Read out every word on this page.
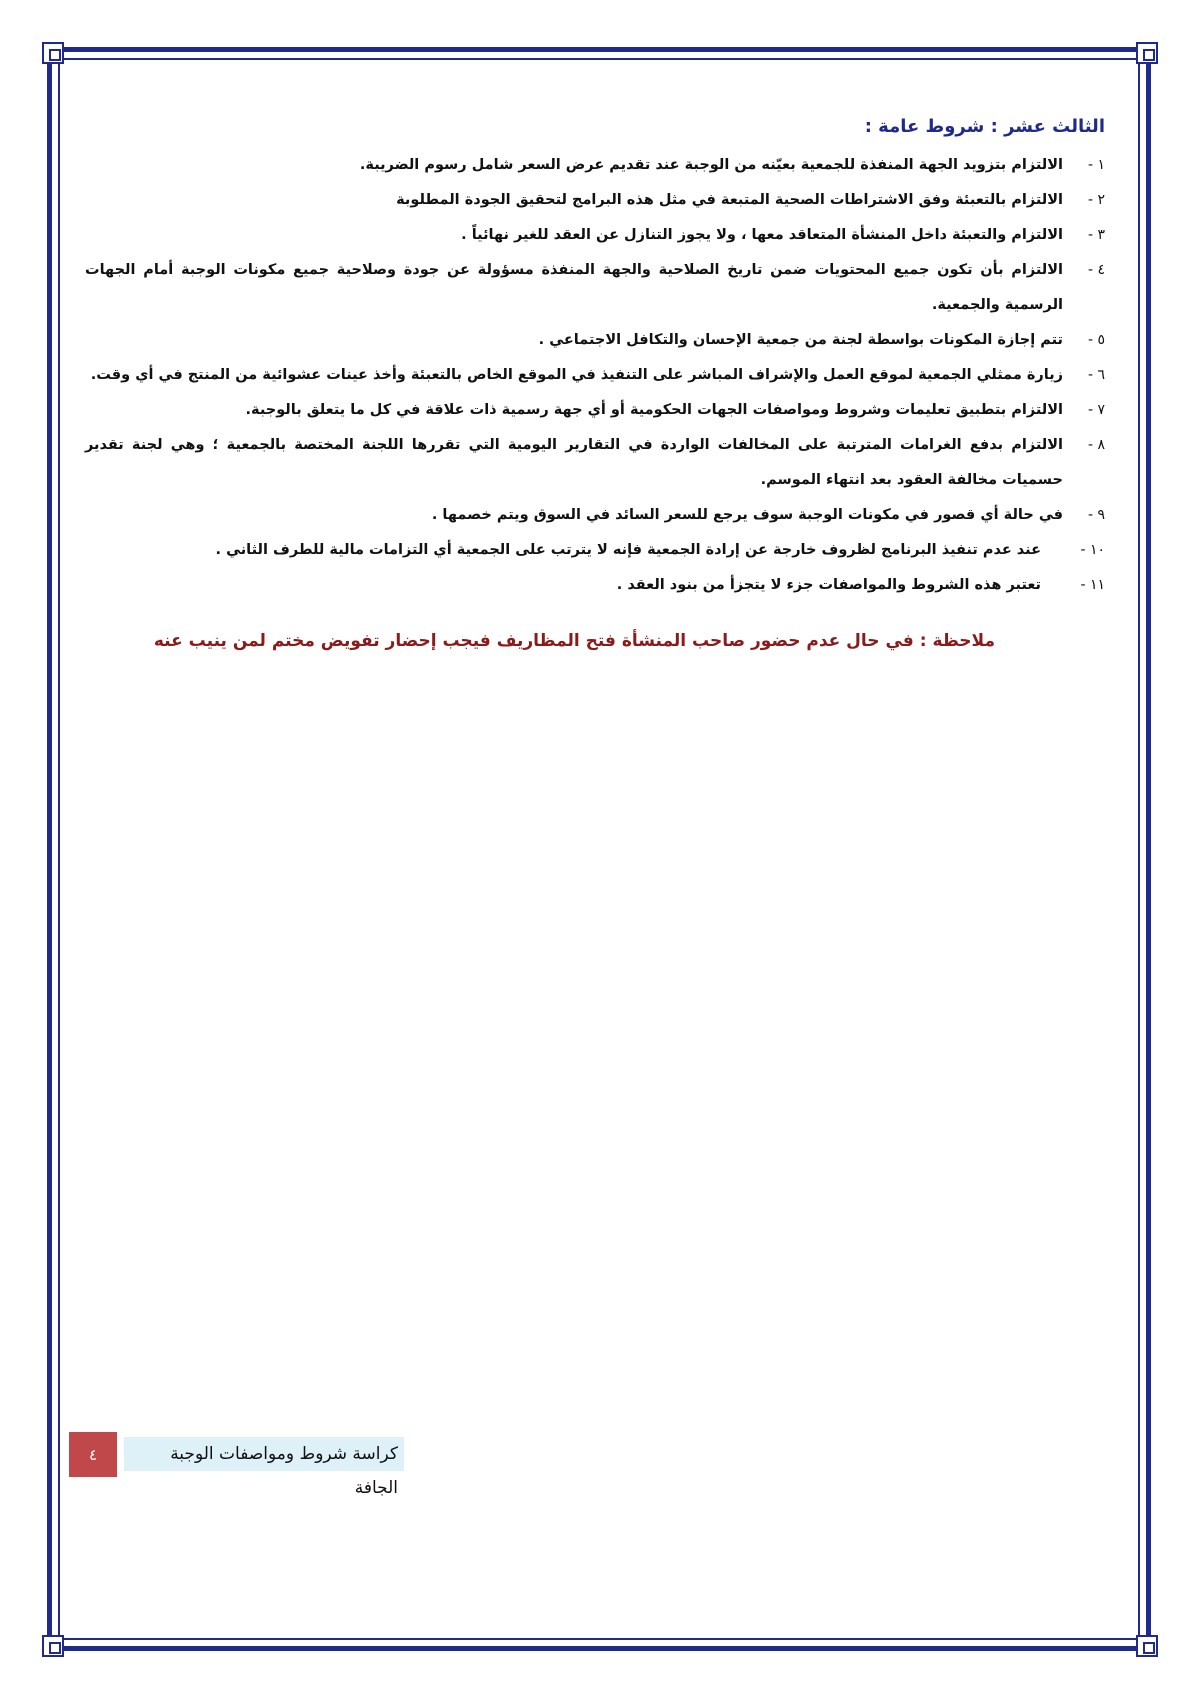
الثالث عشر : شروط عامة :
١ -
الالتزام بتزويد الجهة المنفذة للجمعية بعيّنه من الوجبة عند تقديم عرض السعر شامل رسوم الضريبة.
٢ -
الالتزام بالتعبئة وفق الاشتراطات الصحية المتبعة في مثل هذه البرامج لتحقيق الجودة المطلوبة
٣ -
الالتزام والتعبئة داخل المنشأة المتعاقد معها ، ولا يجوز التنازل عن العقد للغير نهائياً .
٤ -
الالتزام بأن تكون جميع المحتويات ضمن تاريخ الصلاحية والجهة المنفذة مسؤولة عن جودة وصلاحية جميع مكونات الوجبة أمام الجهات الرسمية والجمعية.
٥ -
تتم إجازة المكونات بواسطة لجنة من جمعية الإحسان والتكافل الاجتماعي .
٦ -
زيارة ممثلي الجمعية لموقع العمل والإشراف المباشر على التنفيذ في الموقع الخاص بالتعبئة وأخذ عينات عشوائية من المنتج في أي وقت.
٧ -
الالتزام بتطبيق تعليمات وشروط ومواصفات الجهات الحكومية أو أي جهة رسمية ذات علاقة في كل ما يتعلق بالوجبة.
٨ -
الالتزام بدفع الغرامات المترتبة على المخالفات الواردة في التقارير اليومية التي تقررها اللجنة المختصة بالجمعية ؛ وهي لجنة تقدير حسميات مخالفة العقود بعد انتهاء الموسم.
٩ -
في حالة أي قصور في مكونات الوجبة سوف يرجع للسعر السائد في السوق ويتم خصمها .
١٠ -
عند عدم تنفيذ البرنامج لظروف خارجة عن إرادة الجمعية فإنه لا يترتب على الجمعية أي التزامات مالية للطرف الثاني .
١١ -
تعتبر هذه الشروط والمواصفات جزء لا يتجزأ من بنود العقد .
ملاحظة : في حال عدم حضور صاحب المنشأة فتح المظاريف فيجب إحضار تفويض مختم لمن ينيب عنه
٤	كراسة شروط ومواصفات الوجبة الجافة
